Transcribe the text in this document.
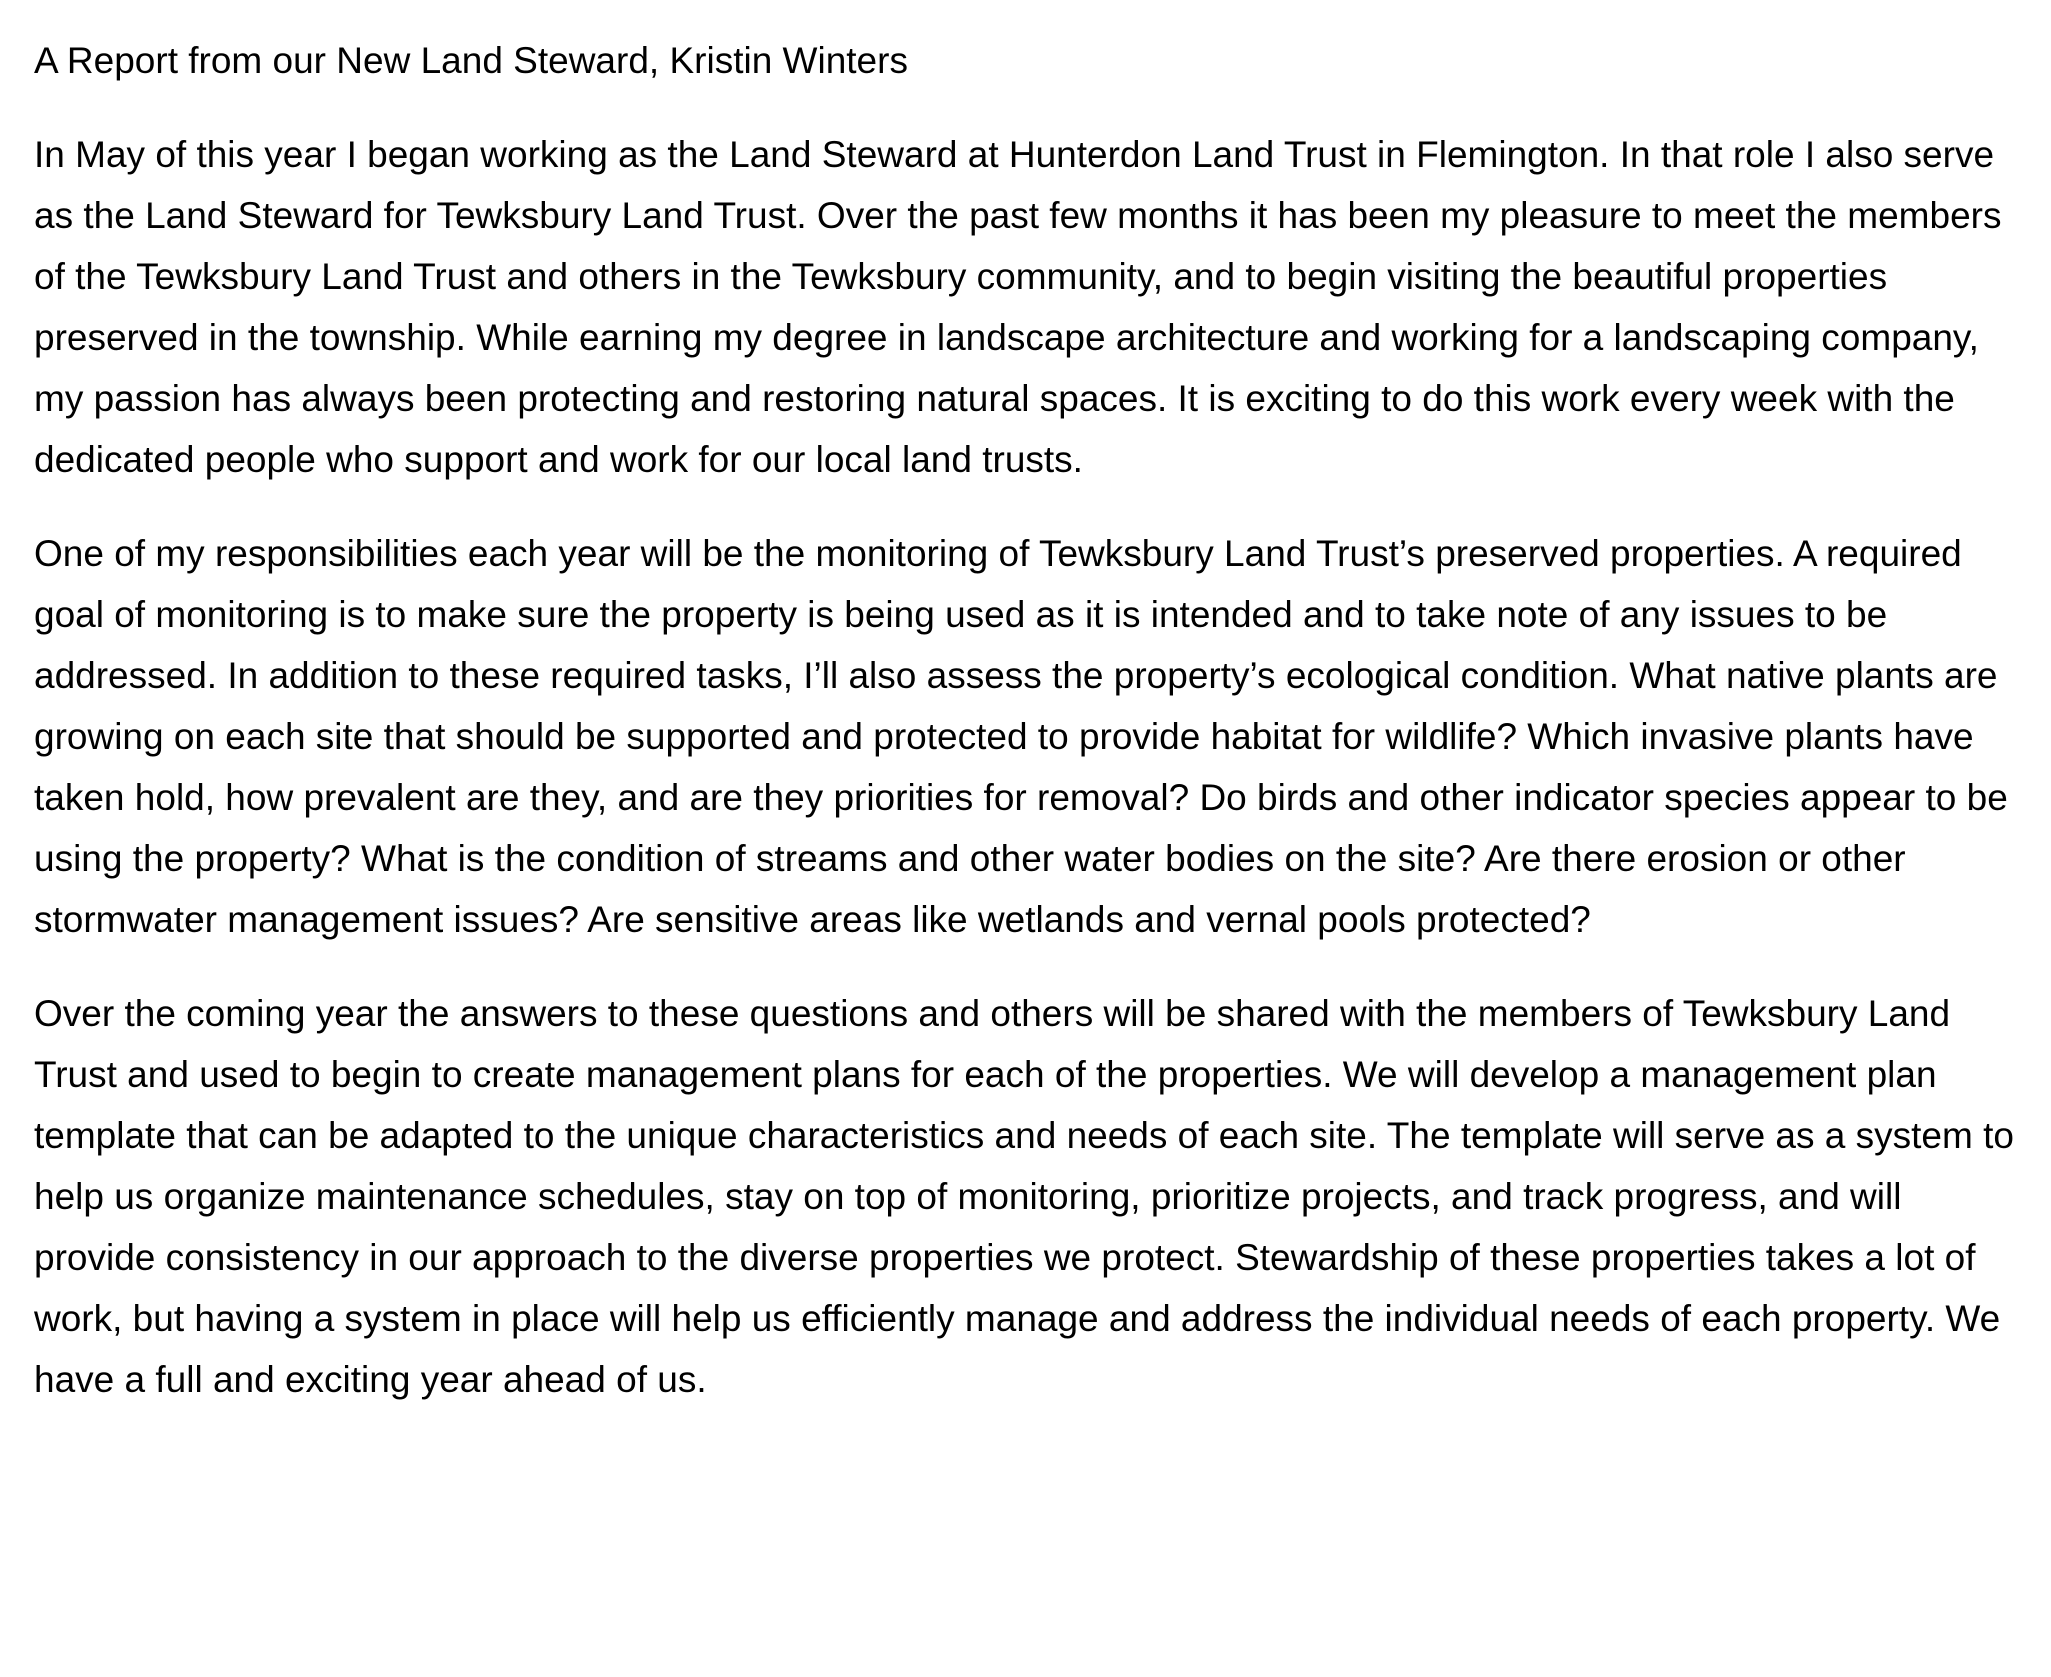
A Report from our New Land Steward, Kristin Winters

In May of this year I began working as the Land Steward at Hunterdon Land Trust in Flemington. In that role I also serve as the Land Steward for Tewksbury Land Trust. Over the past few months it has been my pleasure to meet the members of the Tewksbury Land Trust and others in the Tewksbury community, and to begin visiting the beautiful properties preserved in the township. While earning my degree in landscape architecture and working for a landscaping company, my passion has always been protecting and restoring natural spaces. It is exciting to do this work every week with the dedicated people who support and work for our local land trusts.

One of my responsibilities each year will be the monitoring of Tewksbury Land Trust’s preserved properties. A required goal of monitoring is to make sure the property is being used as it is intended and to take note of any issues to be addressed. In addition to these required tasks, I’ll also assess the property’s ecological condition. What native plants are growing on each site that should be supported and protected to provide habitat for wildlife? Which invasive plants have taken hold, how prevalent are they, and are they priorities for removal? Do birds and other indicator species appear to be using the property? What is the condition of streams and other water bodies on the site? Are there erosion or other stormwater management issues? Are sensitive areas like wetlands and vernal pools protected?

Over the coming year the answers to these questions and others will be shared with the members of Tewksbury Land Trust and used to begin to create management plans for each of the properties. We will develop a management plan template that can be adapted to the unique characteristics and needs of each site. The template will serve as a system to help us organize maintenance schedules, stay on top of monitoring, prioritize projects, and track progress, and will provide consistency in our approach to the diverse properties we protect. Stewardship of these properties takes a lot of work, but having a system in place will help us efficiently manage and address the individual needs of each property. We have a full and exciting year ahead of us.
